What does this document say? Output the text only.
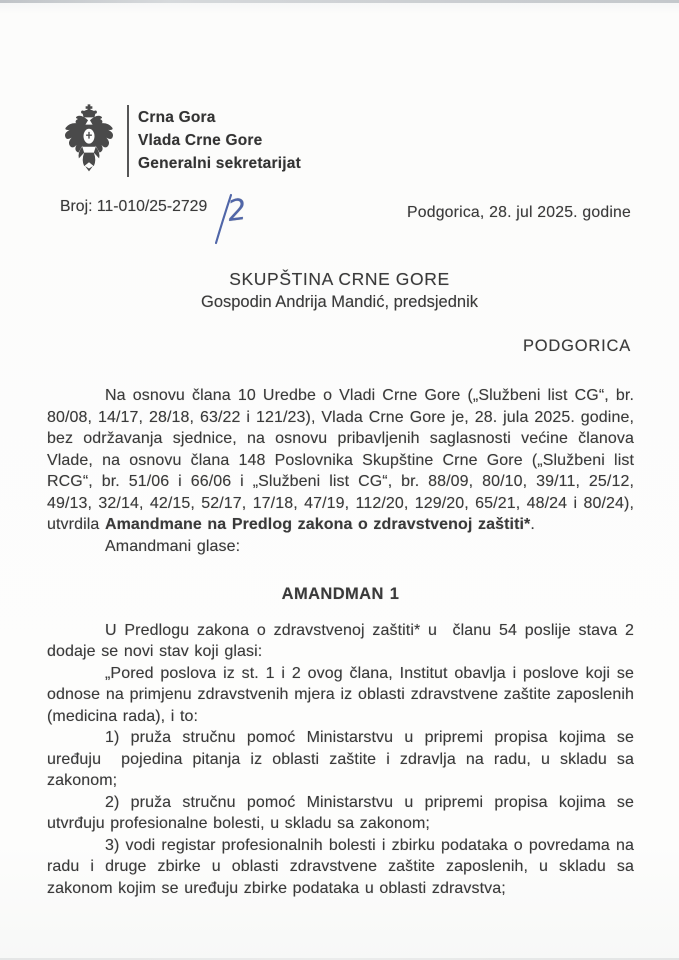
Crna Gora
Vlada Crne Gore
Generalni sekretarijat
Broj: 11-010/25-2729 2	Podgorica, 28. jul 2025. godine
SKUPŠTINA CRNE GORE
Gospodin Andrija Mandić, predsjednik
PODGORICA

Na osnovu člana 10 Uredbe o Vladi Crne Gore („Službeni list CG“, br. 80/08, 14/17, 28/18, 63/22 i 121/23), Vlada Crne Gore je, 28. jula 2025. godine, bez održavanja sjednice, na osnovu pribavljenih saglasnosti većine članova Vlade, na osnovu člana 148 Poslovnika Skupštine Crne Gore („Službeni list RCG“, br. 51/06 i 66/06 i „Službeni list CG“, br. 88/09, 80/10, 39/11, 25/12, 49/13, 32/14, 42/15, 52/17, 17/18, 47/19, 112/20, 129/20, 65/21, 48/24 i 80/24), utvrdila Amandmane na Predlog zakona o zdravstvenoj zaštiti*.

Amandmani glase:

AMANDMAN 1

U Predlogu zakona o zdravstvenoj zaštiti* u  članu 54 poslije stava 2 dodaje se novi stav koji glasi:

„Pored poslova iz st. 1 i 2 ovog člana, Institut obavlja i poslove koji se odnose na primjenu zdravstvenih mjera iz oblasti zdravstvene zaštite zaposlenih (medicina rada), i to:

1) pruža stručnu pomoć Ministarstvu u pripremi propisa kojima se uređuju  pojedina pitanja iz oblasti zaštite i zdravlja na radu, u skladu sa zakonom;

2) pruža stručnu pomoć Ministarstvu u pripremi propisa kojima se utvrđuju profesionalne bolesti, u skladu sa zakonom;

3) vodi registar profesionalnih bolesti i zbirku podataka o povredama na radu i druge zbirke u oblasti zdravstvene zaštite zaposlenih, u skladu sa zakonom kojim se uređuju zbirke podataka u oblasti zdravstva;
